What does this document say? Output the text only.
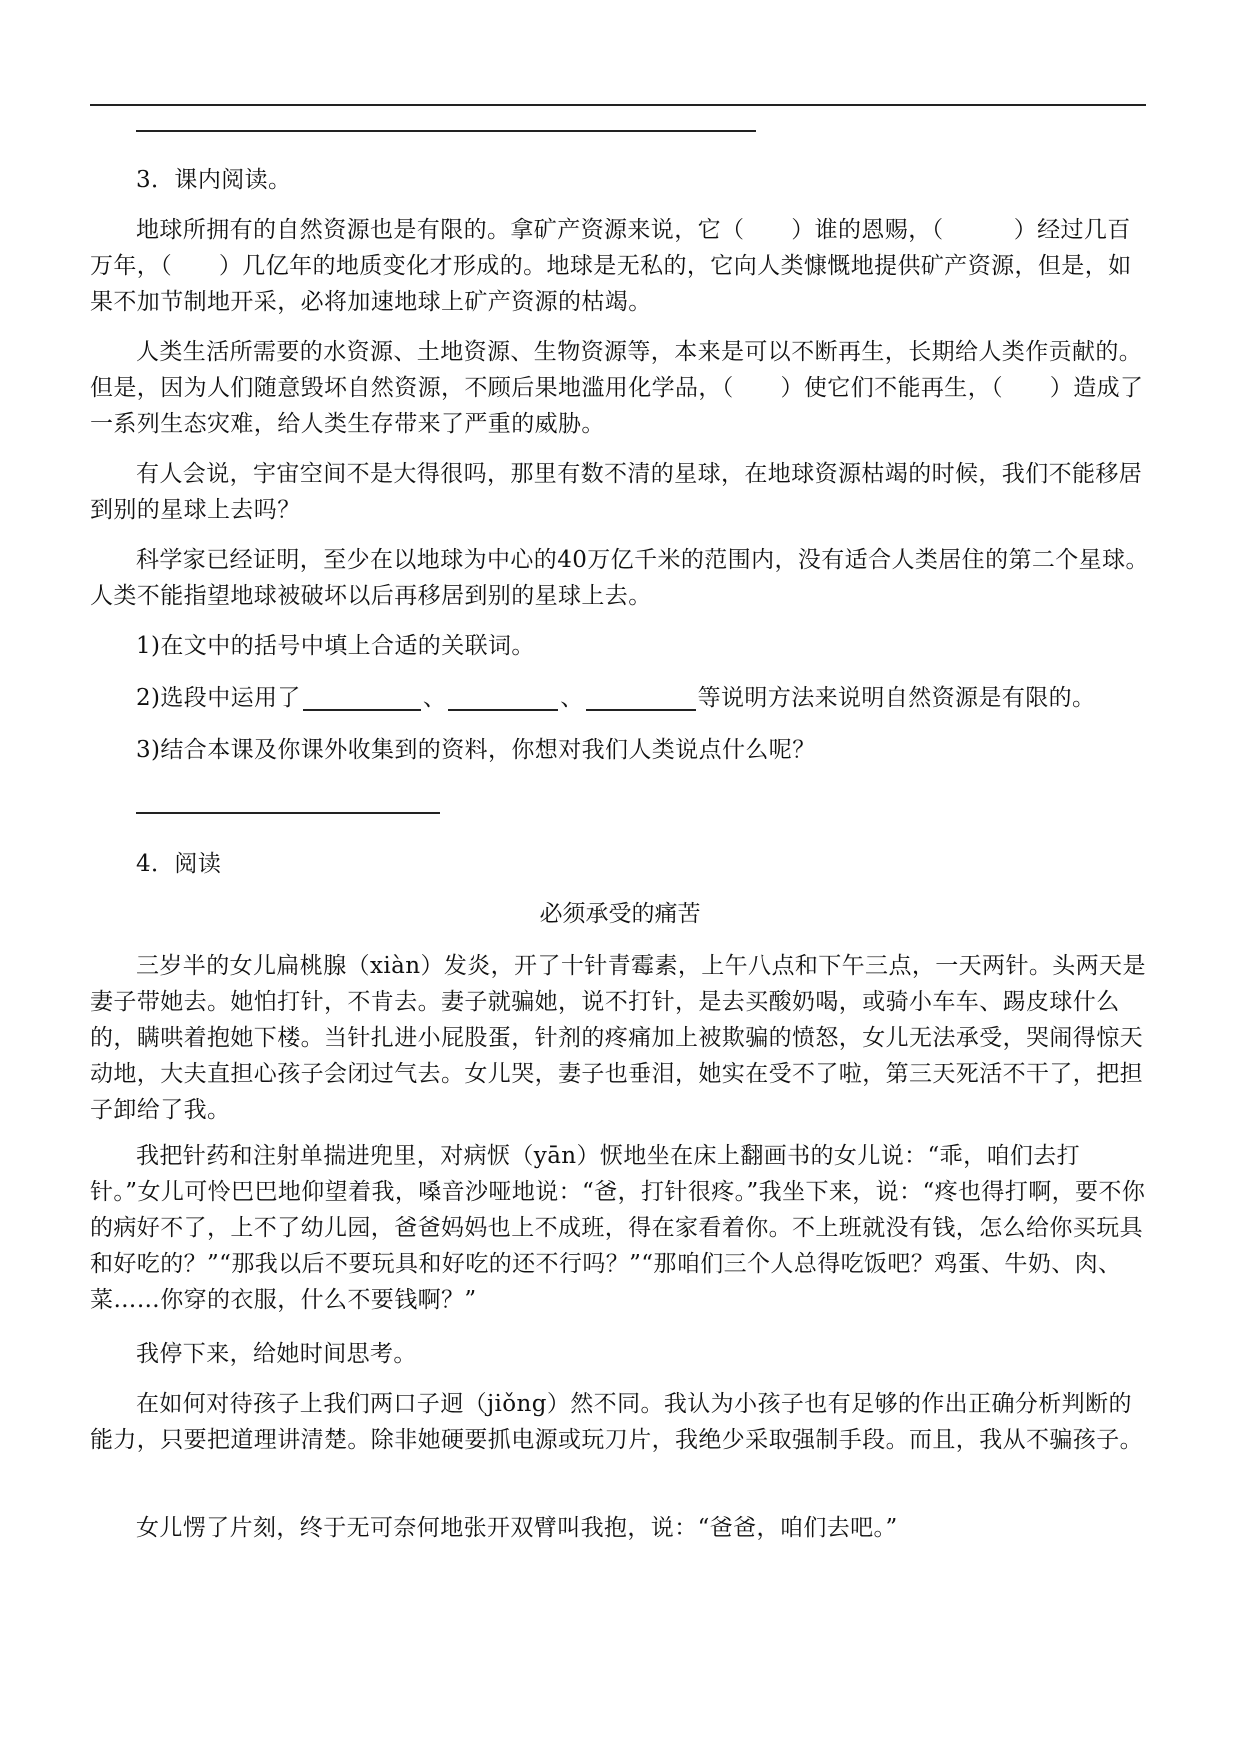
3．课内阅读。
地球所拥有的自然资源也是有限的。拿矿产资源来说，它（　　）谁的恩赐，（　　　）经过几百万年，（　　）几亿年的地质变化才形成的。地球是无私的，它向人类慷慨地提供矿产资源，但是，如果不加节制地开采，必将加速地球上矿产资源的枯竭。
人类生活所需要的水资源、土地资源、生物资源等，本来是可以不断再生，长期给人类作贡献的。但是，因为人们随意毁坏自然资源，不顾后果地滥用化学品，（　　）使它们不能再生，（　　）造成了一系列生态灾难，给人类生存带来了严重的威胁。
有人会说，宇宙空间不是大得很吗，那里有数不清的星球，在地球资源枯竭的时候，我们不能移居到别的星球上去吗？
科学家已经证明，至少在以地球为中心的40万亿千米的范围内，没有适合人类居住的第二个星球。人类不能指望地球被破坏以后再移居到别的星球上去。
1)在文中的括号中填上合适的关联词。
2)选段中运用了	、	、	等说明方法来说明自然资源是有限的。
3)结合本课及你课外收集到的资料，你想对我们人类说点什么呢？
4．阅读
必须承受的痛苦
三岁半的女儿扁桃腺（xiàn）发炎，开了十针青霉素，上午八点和下午三点，一天两针。头两天是妻子带她去。她怕打针，不肯去。妻子就骗她，说不打针，是去买酸奶喝，或骑小车车、踢皮球什么的，瞒哄着抱她下楼。当针扎进小屁股蛋，针剂的疼痛加上被欺骗的愤怒，女儿无法承受，哭闹得惊天动地，大夫直担心孩子会闭过气去。女儿哭，妻子也垂泪，她实在受不了啦，第三天死活不干了，把担子卸给了我。
我把针药和注射单揣进兜里，对病恹（yān）恹地坐在床上翻画书的女儿说：“乖，咱们去打针。”女儿可怜巴巴地仰望着我，嗓音沙哑地说：“爸，打针很疼。”我坐下来，说：“疼也得打啊，要不你的病好不了，上不了幼儿园，爸爸妈妈也上不成班，得在家看着你。不上班就没有钱，怎么给你买玩具和好吃的？”“那我以后不要玩具和好吃的还不行吗？”“那咱们三个人总得吃饭吧？鸡蛋、牛奶、肉、菜……你穿的衣服，什么不要钱啊？”
我停下来，给她时间思考。
在如何对待孩子上我们两口子迥（jiǒng）然不同。我认为小孩子也有足够的作出正确分析判断的能力，只要把道理讲清楚。除非她硬要抓电源或玩刀片，我绝少采取强制手段。而且，我从不骗孩子。
女儿愣了片刻，终于无可奈何地张开双臂叫我抱，说：“爸爸，咱们去吧。”
